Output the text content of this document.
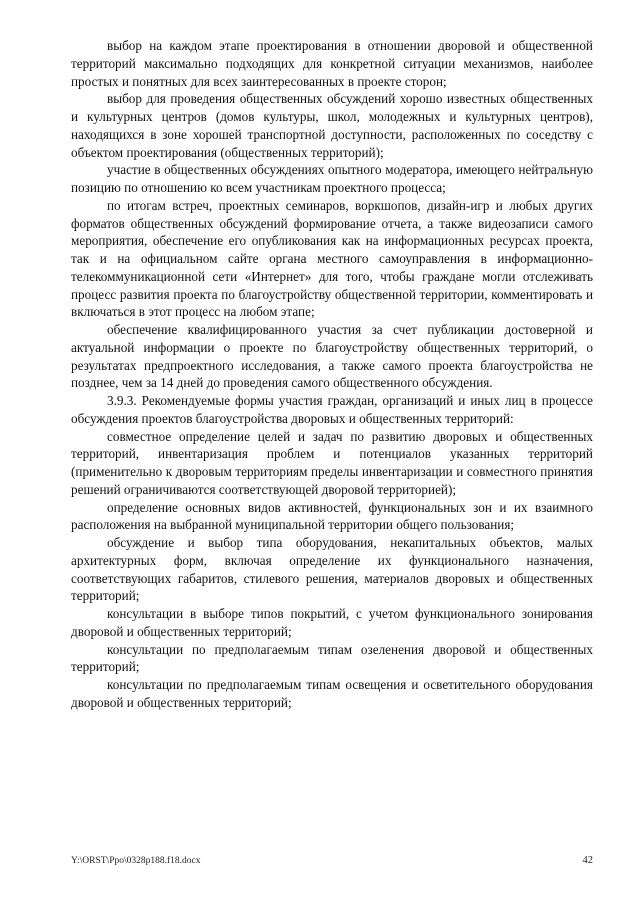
выбор на каждом этапе проектирования в отношении дворовой и общественной территорий максимально подходящих для конкретной ситуации механизмов, наиболее простых и понятных для всех заинтересованных в проекте сторон;

выбор для проведения общественных обсуждений хорошо известных общественных и культурных центров (домов культуры, школ, молодежных и культурных центров), находящихся в зоне хорошей транспортной доступности, расположенных по соседству с объектом проектирования (общественных территорий);

участие в общественных обсуждениях опытного модератора, имеющего нейтральную позицию по отношению ко всем участникам проектного процесса;

по итогам встреч, проектных семинаров, воркшопов, дизайн-игр и любых других форматов общественных обсуждений формирование отчета, а также видеозаписи самого мероприятия, обеспечение его опубликования как на информационных ресурсах проекта, так и на официальном сайте органа местного самоуправления в информационно-телекоммуникационной сети «Интернет» для того, чтобы граждане могли отслеживать процесс развития проекта по благоустройству общественной территории, комментировать и включаться в этот процесс на любом этапе;

обеспечение квалифицированного участия за счет публикации достоверной и актуальной информации о проекте по благоустройству общественных территорий, о результатах предпроектного исследования, а также самого проекта благоустройства не позднее, чем за 14 дней до проведения самого общественного обсуждения.

3.9.3. Рекомендуемые формы участия граждан, организаций и иных лиц в процессе обсуждения проектов благоустройства дворовых и общественных территорий:

совместное определение целей и задач по развитию дворовых и общественных территорий, инвентаризация проблем и потенциалов указанных территорий (применительно к дворовым территориям пределы инвентаризации и совместного принятия решений ограничиваются соответствующей дворовой территорией);

определение основных видов активностей, функциональных зон и их взаимного расположения на выбранной муниципальной территории общего пользования;

обсуждение и выбор типа оборудования, некапитальных объектов, малых архитектурных форм, включая определение их функционального назначения, соответствующих габаритов, стилевого решения, материалов дворовых и общественных территорий;

консультации в выборе типов покрытий, с учетом функционального зонирования дворовой и общественных территорий;

консультации по предполагаемым типам озеленения дворовой и общественных территорий;

консультации по предполагаемым типам освещения и осветительного оборудования дворовой и общественных территорий;

Y:\ORST\Ppo\0328p188.f18.docx	42
